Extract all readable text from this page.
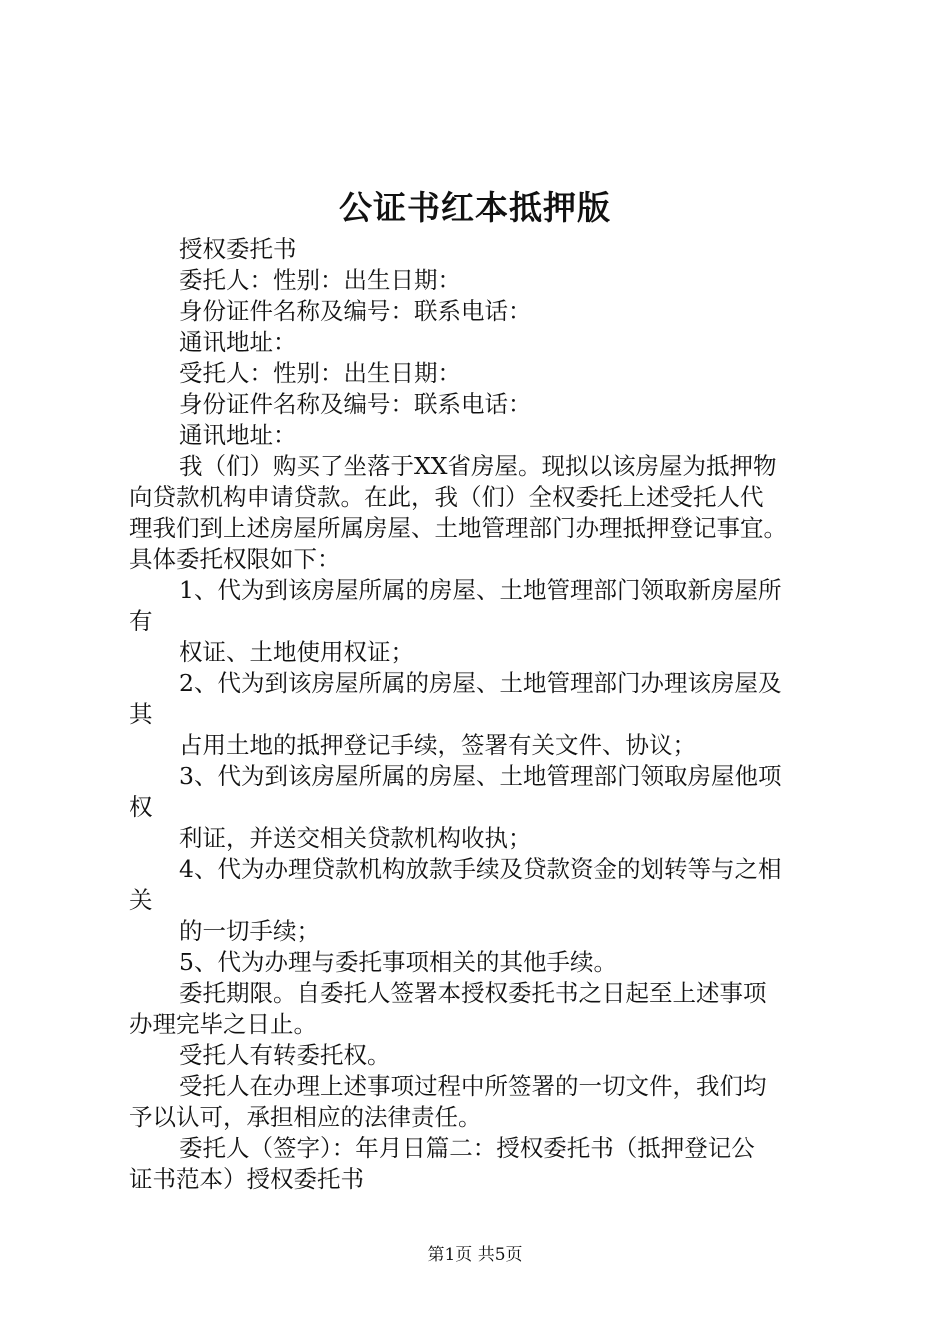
公证书红本抵押版
授权委托书
委托人：性别：出生日期：
身份证件名称及编号：联系电话：
通讯地址：
受托人：性别：出生日期：
身份证件名称及编号：联系电话：
通讯地址：
我（们）购买了坐落于XX省房屋。现拟以该房屋为抵押物
向贷款机构申请贷款。在此，我（们）全权委托上述受托人代
理我们到上述房屋所属房屋、土地管理部门办理抵押登记事宜。
具体委托权限如下：
1、代为到该房屋所属的房屋、土地管理部门领取新房屋所
有
权证、土地使用权证；
2、代为到该房屋所属的房屋、土地管理部门办理该房屋及
其
占用土地的抵押登记手续，签署有关文件、协议；
3、代为到该房屋所属的房屋、土地管理部门领取房屋他项
权
利证，并送交相关贷款机构收执；
4、代为办理贷款机构放款手续及贷款资金的划转等与之相
关
的一切手续；
5、代为办理与委托事项相关的其他手续。
委托期限。自委托人签署本授权委托书之日起至上述事项
办理完毕之日止。
受托人有转委托权。
受托人在办理上述事项过程中所签署的一切文件，我们均
予以认可，承担相应的法律责任。
委托人（签字）：年月日篇二：授权委托书（抵押登记公
证书范本）授权委托书
第1页 共5页
